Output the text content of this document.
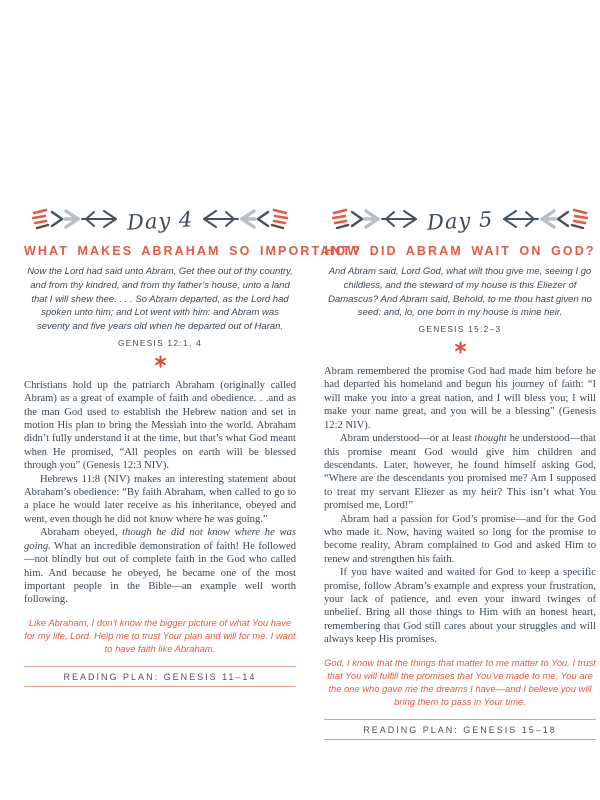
Day 4
WHAT MAKES ABRAHAM SO IMPORTANT?
Now the Lord had said unto Abram, Get thee out of thy country, and from thy kindred, and from thy father’s house, unto a land that I will shew thee. . . . So Abram departed, as the Lord had spoken unto him; and Lot went with him: and Abram was seventy and five years old when he departed out of Haran.
GENESIS 12:1, 4

Christians hold up the patriarch Abraham (originally called Abram) as a great of example of faith and obedience. . .and as the man God used to establish the Hebrew nation and set in motion His plan to bring the Messiah into the world. Abraham didn’t fully understand it at the time, but that’s what God meant when He promised, “All peoples on earth will be blessed through you” (Genesis 12:3 NIV).

Hebrews 11:8 (NIV) makes an interesting statement about Abraham’s obedience: “By faith Abraham, when called to go to a place he would later receive as his inheritance, obeyed and went, even though he did not know where he was going.”

Abraham obeyed, though he did not know where he was going. What an incredible demonstration of faith! He followed—not blindly but out of complete faith in the God who called him. And because he obeyed, he became one of the most important people in the Bible—an example well worth following.

Like Abraham, I don’t know the bigger picture of what You have for my life, Lord. Help me to trust Your plan and will for me. I want to have faith like Abraham.
READING PLAN: GENESIS 11–14
Day 5
HOW DID ABRAM WAIT ON GOD?
And Abram said, Lord God, what wilt thou give me, seeing I go childless, and the steward of my house is this Eliezer of Damascus? And Abram said, Behold, to me thou hast given no seed: and, lo, one born in my house is mine heir.
GENESIS 15:2–3

Abram remembered the promise God had made him before he had departed his homeland and begun his journey of faith: “I will make you into a great nation, and I will bless you; I will make your name great, and you will be a blessing” (Genesis 12:2 NIV).

Abram understood—or at least thought he understood—that this promise meant God would give him children and descendants. Later, however, he found himself asking God, “Where are the descendants you promised me? Am I supposed to treat my servant Eliezer as my heir? This isn’t what You promised me, Lord!”

Abram had a passion for God’s promise—and for the God who made it. Now, having waited so long for the promise to become reality, Abram complained to God and asked Him to renew and strengthen his faith.

If you have waited and waited for God to keep a specific promise, follow Abram’s example and express your frustration, your lack of patience, and even your inward twinges of unbelief. Bring all those things to Him with an honest heart, remembering that God still cares about your struggles and will always keep His promises.

God, I know that the things that matter to me matter to You. I trust that You will fulfill the promises that You’ve made to me. You are the one who gave me the dreams I have—and I believe you will bring them to pass in Your time.
READING PLAN: GENESIS 15–18
